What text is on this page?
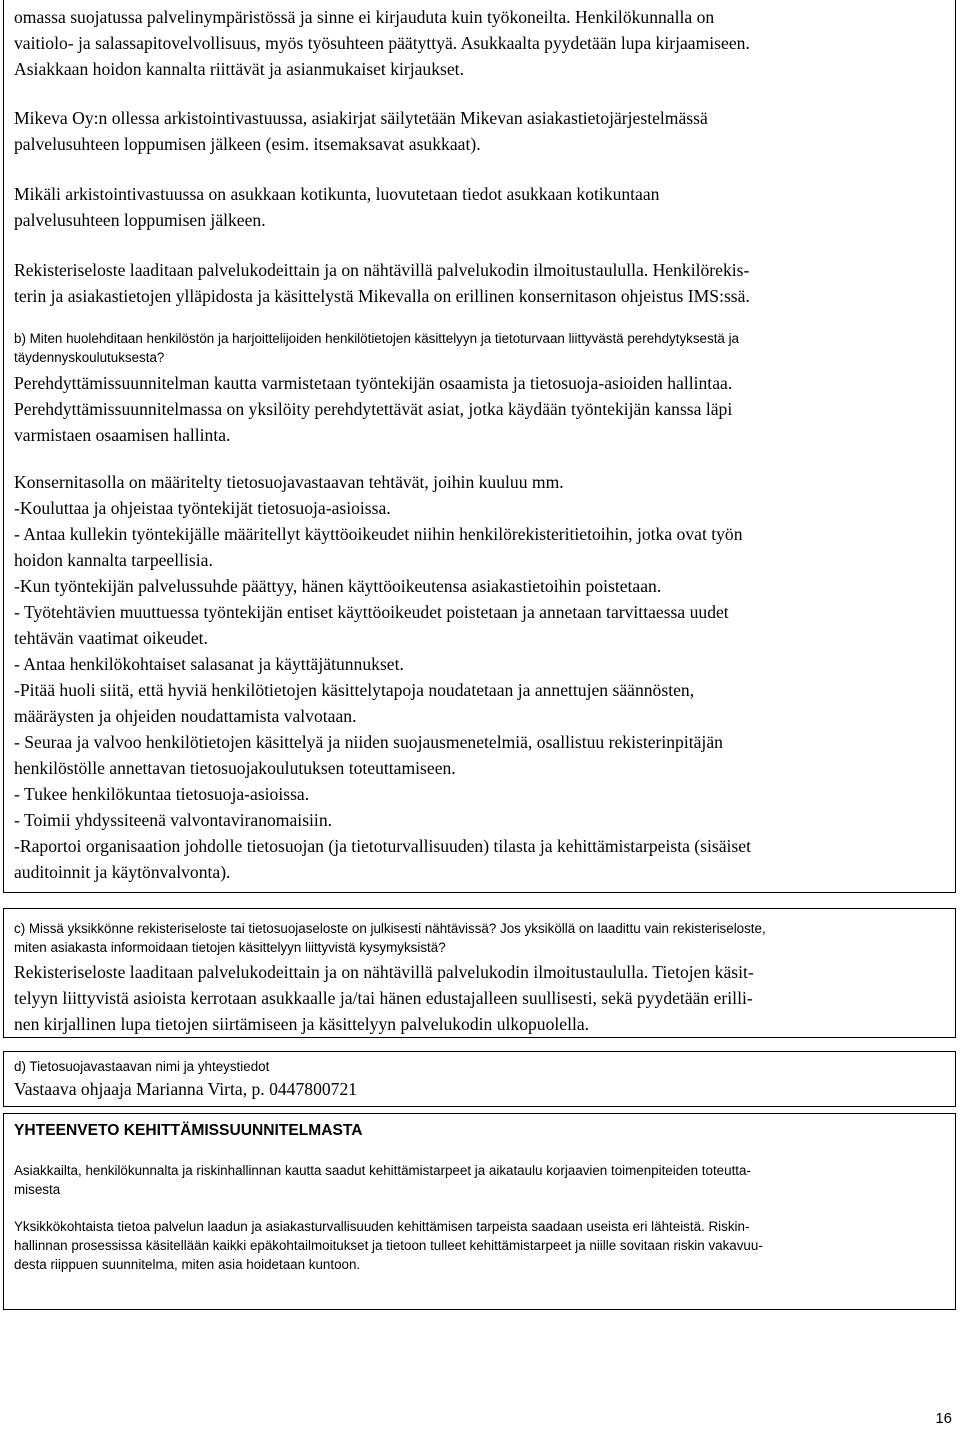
omassa suojatussa palvelinympäristössä ja sinne ei kirjauduta kuin työkoneilta. Henkilökunnalla on
vaitiolo- ja salassapitovelvollisuus, myös työsuhteen päätyttyä. Asukkaalta pyydetään lupa kirjaamiseen.
Asiakkaan hoidon kannalta riittävät ja asianmukaiset kirjaukset.
Mikeva Oy:n ollessa arkistointivastuussa, asiakirjat säilytetään Mikevan asiakastietojärjestelmässä
palvelusuhteen loppumisen jälkeen (esim. itsemaksavat asukkaat).
Mikäli arkistointivastuussa on asukkaan kotikunta, luovutetaan tiedot asukkaan kotikuntaan
palvelusuhteen loppumisen jälkeen.
Rekisteriseloste laaditaan palvelukodeittain ja on nähtävillä palvelukodin ilmoitustaululla. Henkilörekis-
terin ja asiakastietojen ylläpidosta ja käsittelystä Mikevalla on erillinen konsernitason ohjeistus IMS:ssä.
b) Miten huolehditaan henkilöstön ja harjoittelijoiden henkilötietojen käsittelyyn ja tietoturvaan liittyvästä perehdytyksestä ja
täydennyskoulutuksesta?
Perehdyttämissuunnitelman kautta varmistetaan työntekijän osaamista ja tietosuoja-asioiden hallintaa.
Perehdyttämissuunnitelmassa on yksilöity perehdytettävät asiat, jotka käydään työntekijän kanssa läpi
varmistaen osaamisen hallinta.
Konsernitasolla on määritelty tietosuojavastaavan tehtävät, joihin kuuluu mm.
-Kouluttaa ja ohjeistaa työntekijät tietosuoja-asioissa.
- Antaa kullekin työntekijälle määritellyt käyttöoikeudet niihin henkilörekisteritietoihin, jotka ovat työn
hoidon kannalta tarpeellisia.
-Kun työntekijän palvelussuhde päättyy, hänen käyttöoikeutensa asiakastietoihin poistetaan.
- Työtehtävien muuttuessa työntekijän entiset käyttöoikeudet poistetaan ja annetaan tarvittaessa uudet
tehtävän vaatimat oikeudet.
- Antaa henkilökohtaiset salasanat ja käyttäjätunnukset.
-Pitää huoli siitä, että hyviä henkilötietojen käsittelytapoja noudatetaan ja annettujen säännösten,
määräysten ja ohjeiden noudattamista valvotaan.
- Seuraa ja valvoo henkilötietojen käsittelyä ja niiden suojausmenetelmiä, osallistuu rekisterinpitäjän
henkilöstölle annettavan tietosuojakoulutuksen toteuttamiseen.
- Tukee henkilökuntaa tietosuoja-asioissa.
- Toimii yhdyssiteenä valvontaviranomaisiin.
-Raportoi organisaation johdolle tietosuojan (ja tietoturvallisuuden) tilasta ja kehittämistarpeista (sisäiset
auditoinnit ja käytönvalvonta).
c) Missä yksikkönne rekisteriseloste tai tietosuojaseloste on julkisesti nähtävissä? Jos yksiköllä on laadittu vain rekisteriseloste,
miten asiakasta informoidaan tietojen käsittelyyn liittyvistä kysymyksistä?
Rekisteriseloste laaditaan palvelukodeittain ja on nähtävillä palvelukodin ilmoitustaululla. Tietojen käsit-
telyyn liittyvistä asioista kerrotaan asukkaalle ja/tai hänen edustajalleen suullisesti, sekä pyydetään erilli-
nen kirjallinen lupa tietojen siirtämiseen ja käsittelyyn palvelukodin ulkopuolella.
d) Tietosuojavastaavan nimi ja yhteystiedot
Vastaava ohjaaja Marianna Virta, p. 0447800721
YHTEENVETO KEHITTÄMISSUUNNITELMASTA
Asiakkailta, henkilökunnalta ja riskinhallinnan kautta saadut kehittämistarpeet ja aikataulu korjaavien toimenpiteiden toteutta-
misesta
Yksikkökohtaista tietoa palvelun laadun ja asiakasturvallisuuden kehittämisen tarpeista saadaan useista eri lähteistä. Riskin-
hallinnan prosessissa käsitellään kaikki epäkohtailmoitukset ja tietoon tulleet kehittämistarpeet ja niille sovitaan riskin vakavuu-
desta riippuen suunnitelma, miten asia hoidetaan kuntoon.
16
